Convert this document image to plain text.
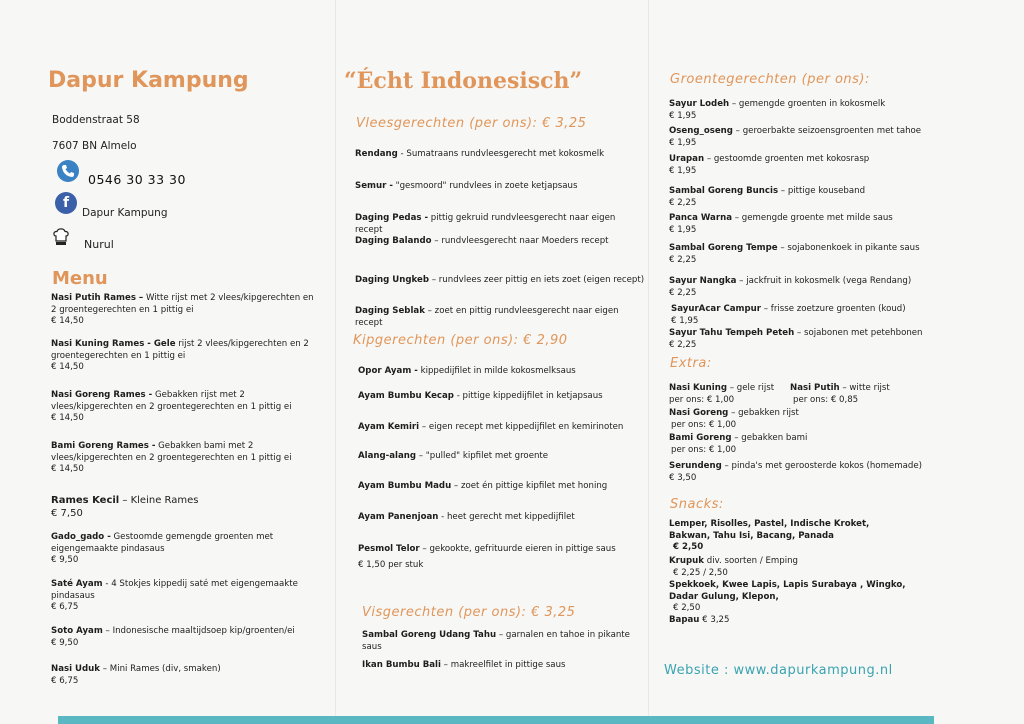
Dapur Kampung
Boddenstraat 58
7607 BN Almelo
0546 30 33 30
f
Dapur Kampung
Nurul
Menu
Nasi Putih Rames – Witte rijst met 2 vlees/kipgerechten en 2 groentegerechten en 1 pittig ei
€ 14,50
Nasi Kuning Rames - Gele rijst 2 vlees/kipgerechten en 2 groentegerechten en 1 pittig ei
€ 14,50
Nasi Goreng Rames - Gebakken rijst met 2 vlees/kipgerechten en 2 groentegerechten en 1 pittig ei
€ 14,50
Bami Goreng Rames - Gebakken bami met 2 vlees/kipgerechten en 2 groentegerechten en 1 pittig ei
€ 14,50
Rames Kecil – Kleine Rames
€ 7,50
Gado_gado - Gestoomde gemengde groenten met eigengemaakte pindasaus
€ 9,50
Saté Ayam - 4 Stokjes kippedij saté met eigengemaakte pindasaus
€ 6,75
Soto Ayam – Indonesische maaltijdsoep kip/groenten/ei
€ 9,50
Nasi Uduk – Mini Rames (div, smaken)
€ 6,75
“Écht Indonesisch”
Vleesgerechten (per ons): € 3,25
Rendang - Sumatraans rundvleesgerecht met kokosmelk
Semur - "gesmoord" rundvlees in zoete ketjapsaus
Daging Pedas - pittig gekruid rundvleesgerecht naar eigen recept
Daging Balando – rundvleesgerecht naar Moeders recept
Daging Ungkeb – rundvlees zeer pittig en iets zoet (eigen recept)
Daging Seblak – zoet en pittig rundvleesgerecht naar eigen recept
Kipgerechten (per ons): € 2,90
Opor Ayam - kippedijfilet in milde kokosmelksaus
Ayam Bumbu Kecap - pittige kippedijfilet in ketjapsaus
Ayam Kemiri – eigen recept met kippedijfilet en kemirinoten
Alang-alang – "pulled" kipfilet met groente
Ayam Bumbu Madu – zoet én pittige kipfilet met honing
Ayam Panenjoan - heet gerecht met kippedijfilet
Pesmol Telor – gekookte, gefrituurde eieren in pittige saus
€ 1,50 per stuk
Visgerechten (per ons): € 3,25
Sambal Goreng Udang Tahu – garnalen en tahoe in pikante saus
Ikan Bumbu Bali – makreelfilet in pittige saus
Groentegerechten (per ons):
Sayur Lodeh – gemengde groenten in kokosmelk
€ 1,95
Oseng_oseng – geroerbakte seizoensgroenten met tahoe
€ 1,95
Urapan – gestoomde groenten met kokosrasp
€ 1,95
Sambal Goreng Buncis – pittige kouseband
€ 2,25
Panca Warna – gemengde groente met milde saus
€ 1,95
Sambal Goreng Tempe – sojabonenkoek in pikante saus
€ 2,25
Sayur Nangka – jackfruit in kokosmelk (vega Rendang)
€ 2,25
SayurAcar Campur – frisse zoetzure groenten (koud)
€ 1,95
Sayur Tahu Tempeh Peteh – sojabonen met petehbonen
€ 2,25
Extra:
Nasi Kuning – gele rijst
per ons: € 1,00
Nasi Putih – witte rijst
per ons: € 0,85
Nasi Goreng – gebakken rijst
per ons: € 1,00
Bami Goreng – gebakken bami
per ons: € 1,00
Serundeng – pinda's met geroosterde kokos (homemade)
€ 3,50
Snacks:
Lemper, Risolles, Pastel, Indische Kroket,
Bakwan, Tahu Isi, Bacang, Panada
€ 2,50
Krupuk div. soorten / Emping
€ 2,25 / 2,50
Spekkoek, Kwee Lapis, Lapis Surabaya , Wingko,
Dadar Gulung, Klepon,
€ 2,50
Bapau € 3,25
Website : www.dapurkampung.nl
